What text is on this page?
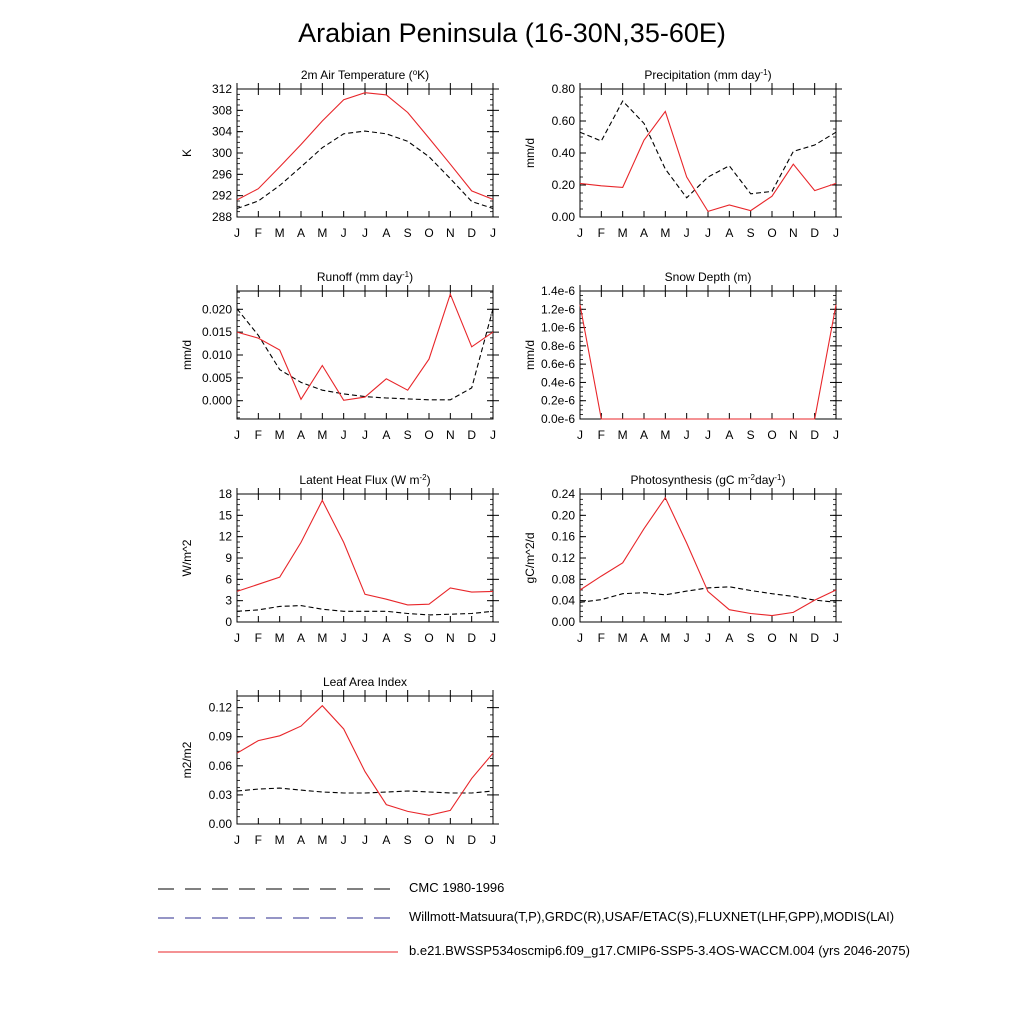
Arabian Peninsula (16-30N,35-60E)
2m Air Temperature ($^o$K)
K
J F M A M J J A S O N D J
288
292
296
300
304
308
312
Precipitation (mm day$^{-1}$)
mm/d
J F M A M J J A S O N D J
0.00
0.20
0.40
0.60
0.80
Runoff (mm day$^{-1}$)
mm/d
J F M A M J J A S O N D J
0.000
0.005
0.010
0.015
0.020
Snow Depth (m)
mm/d
J F M A M J J A S O N D J
0.0e-6
0.2e-6
0.4e-6
0.6e-6
0.8e-6
1.0e-6
1.2e-6
1.4e-6
Latent Heat Flux (W $m^{-2}$)
W/m^2
J F M A M J J A S O N D J
0
3
6
9
12
15
18
Photosynthesis (gC $m^{-2}day^{-1}$)
gC/m^2/d
J F M A M J J A S O N D J
0.00
0.04
0.08
0.12
0.16
0.20
0.24
Leaf Area Index
m2/m2
J F M A M J J A S O N D J
0.00
0.03
0.06
0.09
0.12
CMC 1980-1996
Willmott-Matsuura(T,P),GRDC(R),USAF/ETAC(S),FLUXNET(LHF,GPP),MODIS(LAI)
b.e21.BWSSP534oscmip6.f09_g17.CMIP6-SSP5-3.4OS-WACCM.004 (yrs 2046-2075)
